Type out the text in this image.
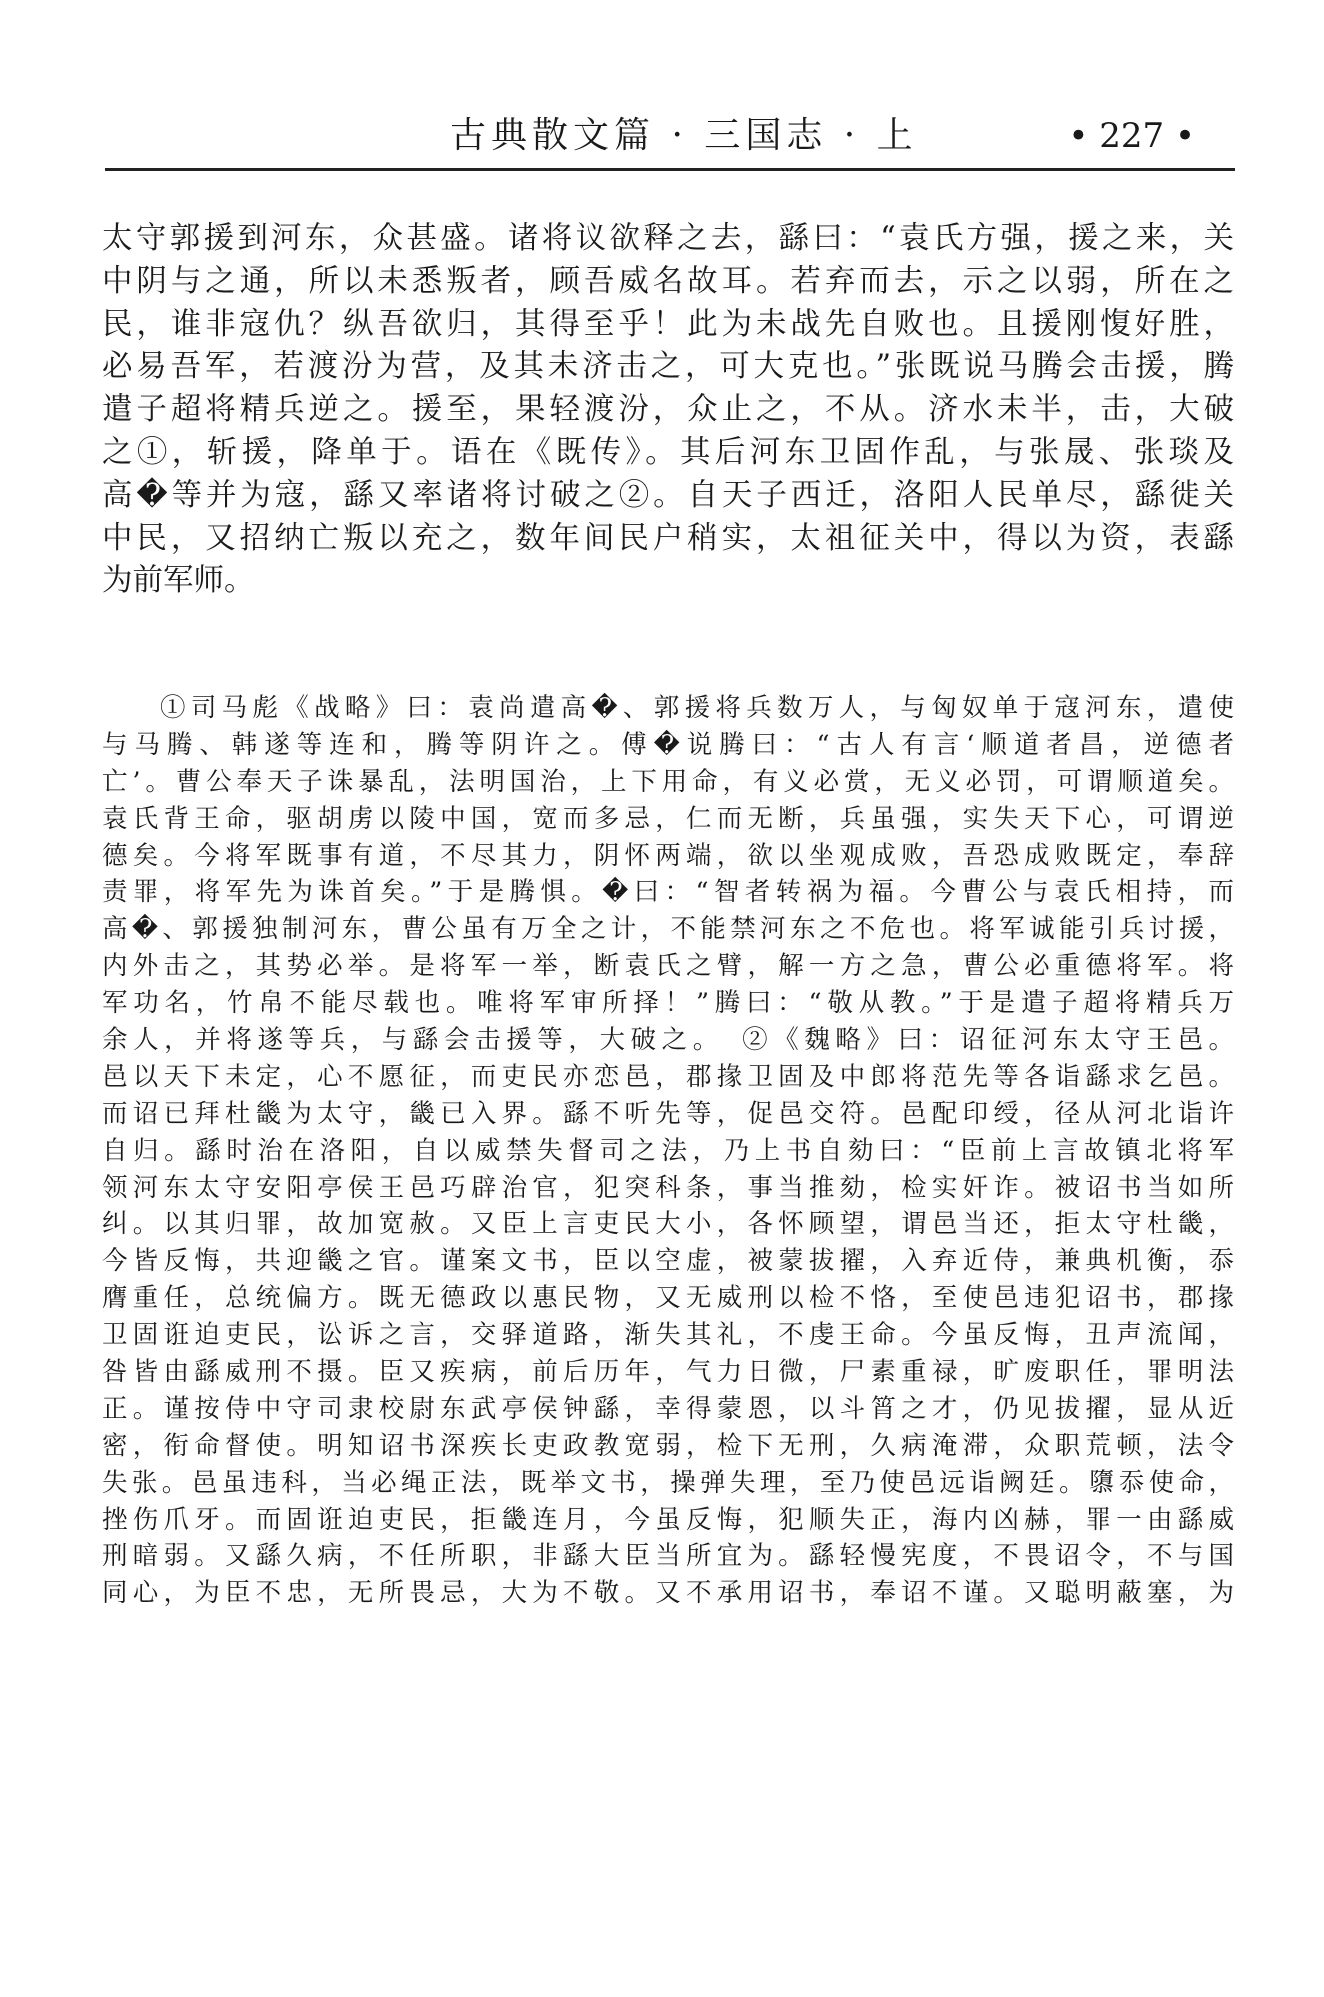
古典散文篇 · 三国志 · 上	• 227 •
太守郭援到河东，众甚盛。诸将议欲释之去，繇曰：“袁氏方强，援之来，关
中阴与之通，所以未悉叛者，顾吾威名故耳。若弃而去，示之以弱，所在之
民，谁非寇仇？纵吾欲归，其得至乎！此为未战先自败也。且援刚愎好胜，
必易吾军，若渡汾为营，及其未济击之，可大克也。”张既说马腾会击援，腾
遣子超将精兵逆之。援至，果轻渡汾，众止之，不从。济水未半，击，大破
之①，斩援，降单于。语在《既传》。其后河东卫固作乱，与张晟、张琰及
高�等并为寇，繇又率诸将讨破之②。自天子西迁，洛阳人民单尽，繇徙关
中民，又招纳亡叛以充之，数年间民户稍实，太祖征关中，得以为资，表繇
为前军师。
①司马彪《战略》曰：袁尚遣高�、郭援将兵数万人，与匈奴单于寇河东，遣使
与马腾、韩遂等连和，腾等阴许之。傅�说腾曰：“古人有言‘顺道者昌，逆德者
亡’。曹公奉天子诛暴乱，法明国治，上下用命，有义必赏，无义必罚，可谓顺道矣。
袁氏背王命，驱胡虏以陵中国，宽而多忌，仁而无断，兵虽强，实失天下心，可谓逆
德矣。今将军既事有道，不尽其力，阴怀两端，欲以坐观成败，吾恐成败既定，奉辞
责罪，将军先为诛首矣。”于是腾惧。�曰：“智者转祸为福。今曹公与袁氏相持，而
高�、郭援独制河东，曹公虽有万全之计，不能禁河东之不危也。将军诚能引兵讨援，
内外击之，其势必举。是将军一举，断袁氏之臂，解一方之急，曹公必重德将军。将
军功名，竹帛不能尽载也。唯将军审所择！”腾曰：“敬从教。”于是遣子超将精兵万
余人，并将遂等兵，与繇会击援等，大破之。　②《魏略》曰：诏征河东太守王邑。
邑以天下未定，心不愿征，而吏民亦恋邑，郡掾卫固及中郎将范先等各诣繇求乞邑。
而诏已拜杜畿为太守，畿已入界。繇不听先等，促邑交符。邑配印绶，径从河北诣许
自归。繇时治在洛阳，自以威禁失督司之法，乃上书自劾曰：“臣前上言故镇北将军
领河东太守安阳亭侯王邑巧辟治官，犯突科条，事当推劾，检实奸诈。被诏书当如所
纠。以其归罪，故加宽赦。又臣上言吏民大小，各怀顾望，谓邑当还，拒太守杜畿，
今皆反悔，共迎畿之官。谨案文书，臣以空虚，被蒙拔擢，入弃近侍，兼典机衡，忝
膺重任，总统偏方。既无德政以惠民物，又无威刑以检不恪，至使邑违犯诏书，郡掾
卫固诳迫吏民，讼诉之言，交驿道路，渐失其礼，不虔王命。今虽反悔，丑声流闻，
咎皆由繇威刑不摄。臣又疾病，前后历年，气力日微，尸素重禄，旷废职任，罪明法
正。谨按侍中守司隶校尉东武亭侯钟繇，幸得蒙恩，以斗筲之才，仍见拔擢，显从近
密，衔命督使。明知诏书深疾长吏政教宽弱，检下无刑，久病淹滞，众职荒顿，法令
失张。邑虽违科，当必绳正法，既举文书，操弹失理，至乃使邑远诣阙廷。隳忝使命，
挫伤爪牙。而固诳迫吏民，拒畿连月，今虽反悔，犯顺失正，海内凶赫，罪一由繇威
刑暗弱。又繇久病，不任所职，非繇大臣当所宜为。繇轻慢宪度，不畏诏令，不与国
同心，为臣不忠，无所畏忌，大为不敬。又不承用诏书，奉诏不谨。又聪明蔽塞，为
